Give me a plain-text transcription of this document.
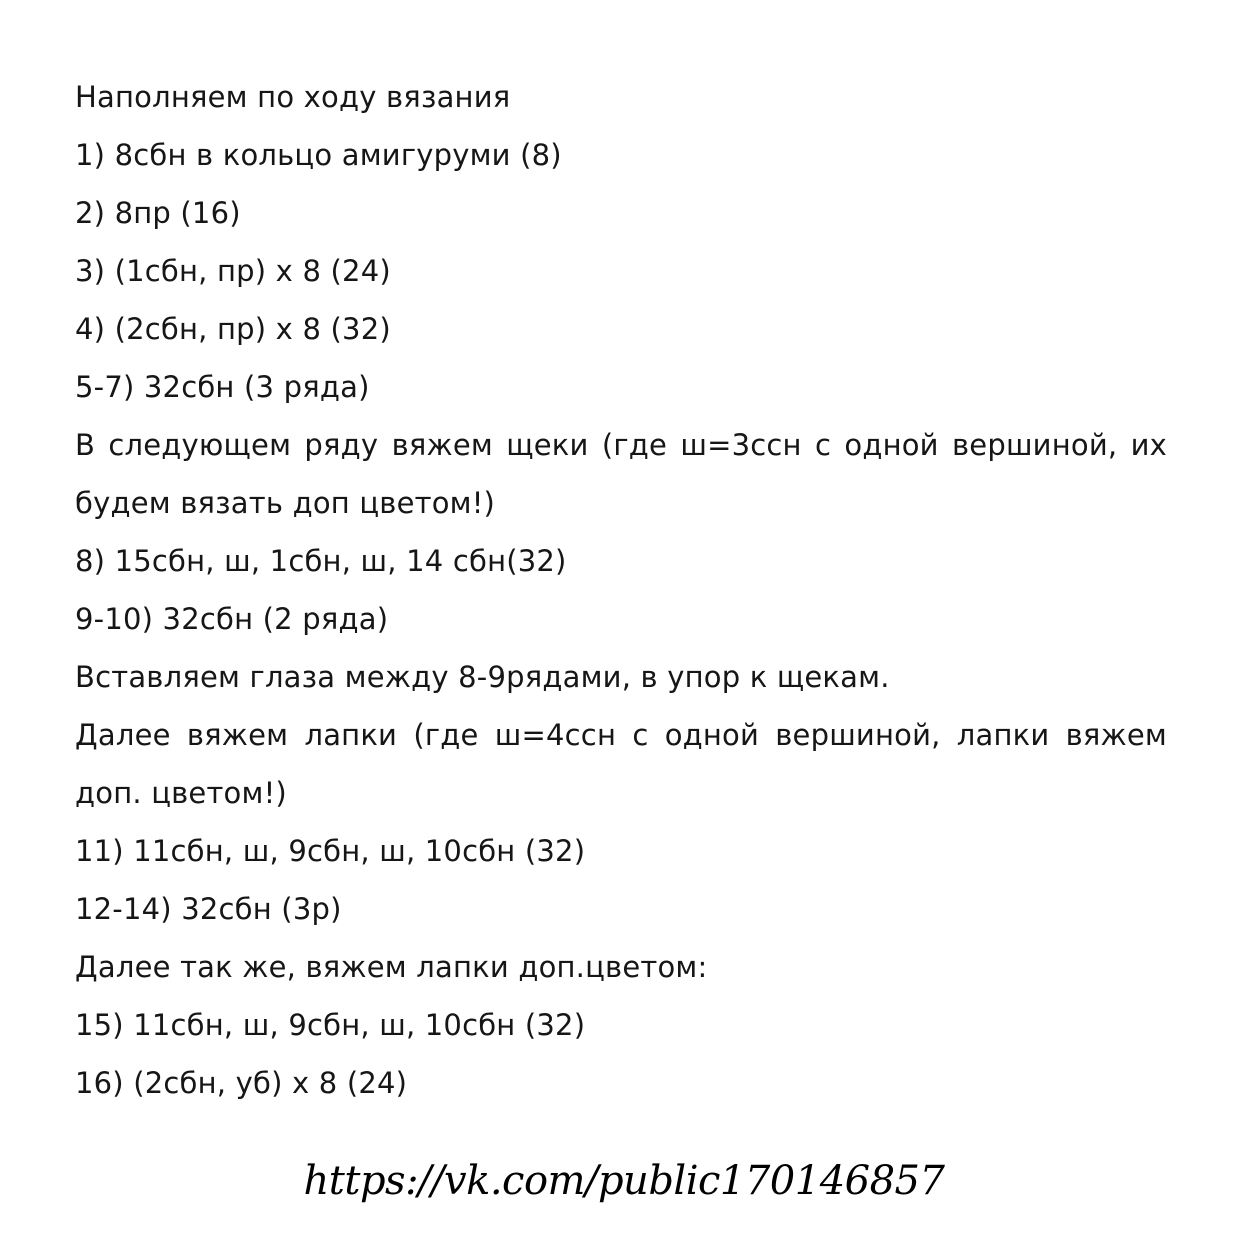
Наполняем по ходу вязания
1) 8сбн в кольцо амигуруми (8)
2) 8пр (16)
3) (1сбн, пр) х 8 (24)
4) (2сбн, пр) х 8 (32)
5-7) 32сбн (3 ряда)
В следующем ряду вяжем щеки (где ш=3ссн с одной вершиной, их
будем вязать доп цветом!)
8) 15сбн, ш, 1сбн, ш, 14 сбн(32)
9-10) 32сбн (2 ряда)
Вставляем глаза между 8-9рядами, в упор к щекам.
Далее вяжем лапки (где ш=4ссн с одной вершиной, лапки вяжем
доп. цветом!)
11) 11сбн, ш, 9сбн, ш, 10сбн (32)
12-14) 32сбн (3р)
Далее так же, вяжем лапки доп.цветом:
15) 11сбн, ш, 9сбн, ш, 10сбн (32)
16) (2сбн, уб) х 8 (24)
https://vk.com/public170146857
